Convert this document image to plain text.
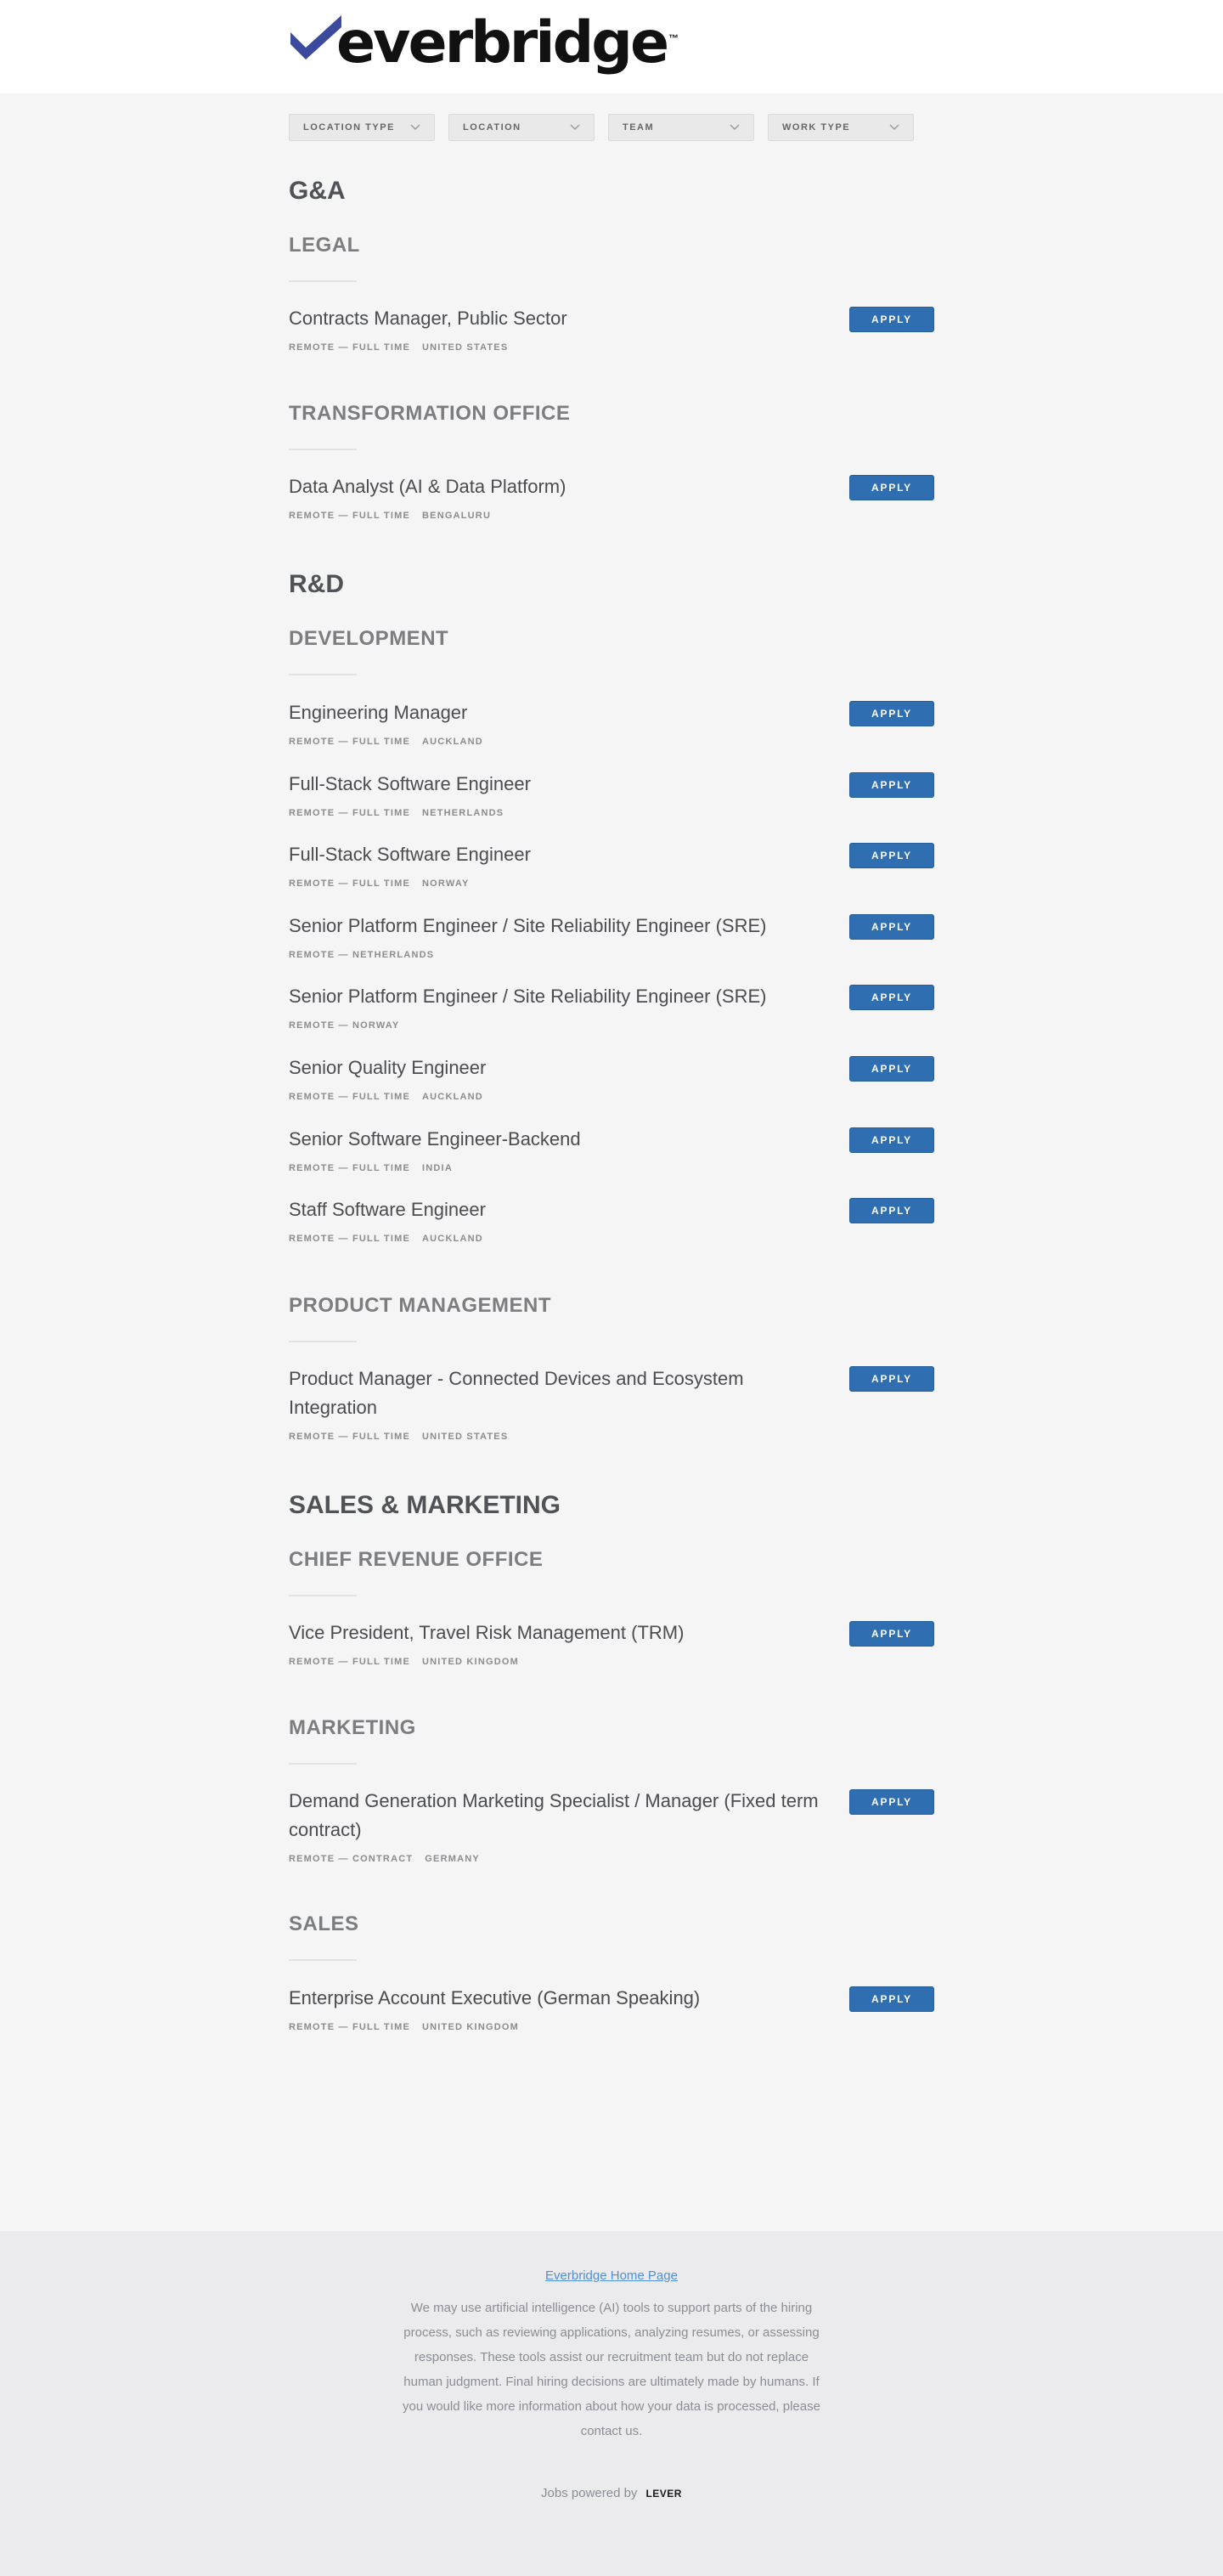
everbridge ™
LOCATION TYPE	LOCATION	TEAM	WORK TYPE
G&A
LEGAL
Contracts Manager, Public Sector
REMOTE — FULL TIME UNITED STATES
APPLY
TRANSFORMATION OFFICE
Data Analyst (AI & Data Platform)
REMOTE — FULL TIME BENGALURU
APPLY
R&D
DEVELOPMENT
Engineering Manager
REMOTE — FULL TIME AUCKLAND
APPLY
Full-Stack Software Engineer
REMOTE — FULL TIME NETHERLANDS
APPLY
Full-Stack Software Engineer
REMOTE — FULL TIME NORWAY
APPLY
Senior Platform Engineer / Site Reliability Engineer (SRE)
REMOTE — NETHERLANDS
APPLY
Senior Platform Engineer / Site Reliability Engineer (SRE)
REMOTE — NORWAY
APPLY
Senior Quality Engineer
REMOTE — FULL TIME AUCKLAND
APPLY
Senior Software Engineer-Backend
REMOTE — FULL TIME INDIA
APPLY
Staff Software Engineer
REMOTE — FULL TIME AUCKLAND
APPLY
PRODUCT MANAGEMENT
Product Manager - Connected Devices and Ecosystem Integration
REMOTE — FULL TIME UNITED STATES
APPLY
SALES & MARKETING
CHIEF REVENUE OFFICE
Vice President, Travel Risk Management (TRM)
REMOTE — FULL TIME UNITED KINGDOM
APPLY
MARKETING
Demand Generation Marketing Specialist / Manager (Fixed term contract)
REMOTE — CONTRACT GERMANY
APPLY
SALES
Enterprise Account Executive (German Speaking)
REMOTE — FULL TIME UNITED KINGDOM
APPLY
Everbridge Home Page
We may use artificial intelligence (AI) tools to support parts of the hiring process, such as reviewing applications, analyzing resumes, or assessing responses. These tools assist our recruitment team but do not replace human judgment. Final hiring decisions are ultimately made by humans. If you would like more information about how your data is processed, please contact us.
Jobs powered by LEVER
